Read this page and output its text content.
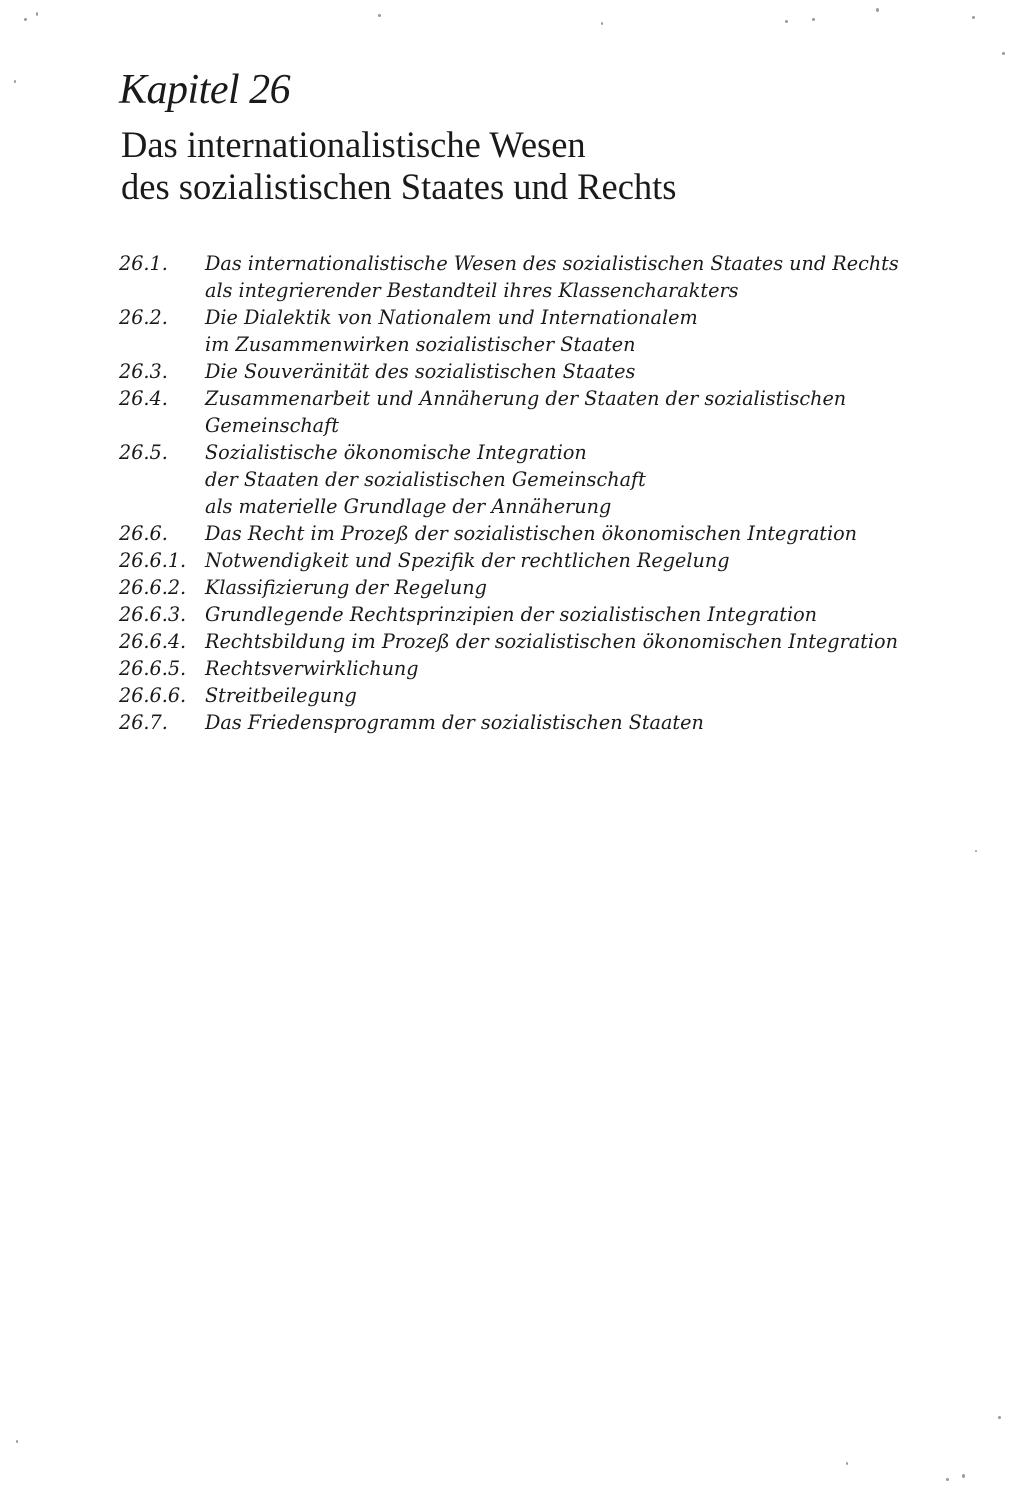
Kapitel 26
Das internationalistische Wesen
des sozialistischen Staates und Rechts
26.1.	Das internationalistische Wesen des sozialistischen Staates und Rechts
als integrierender Bestandteil ihres Klassencharakters
26.2.	Die Dialektik von Nationalem und Internationalem
im Zusammenwirken sozialistischer Staaten
26.3.	Die Souveränität des sozialistischen Staates
26.4.	Zusammenarbeit und Annäherung der Staaten der sozialistischen
Gemeinschaft
26.5.	Sozialistische ökonomische Integration
der Staaten der sozialistischen Gemeinschaft
als materielle Grundlage der Annäherung
26.6.	Das Recht im Prozeß der sozialistischen ökonomischen Integration
26.6.1. Notwendigkeit und Spezifik der rechtlichen Regelung
26.6.2. Klassifizierung der Regelung
26.6.3. Grundlegende Rechtsprinzipien der sozialistischen Integration
26.6.4. Rechtsbildung im Prozeß der sozialistischen ökonomischen Integration
26.6.5. Rechtsverwirklichung
26.6.6. Streitbeilegung
26.7.	Das Friedensprogramm der sozialistischen Staaten
